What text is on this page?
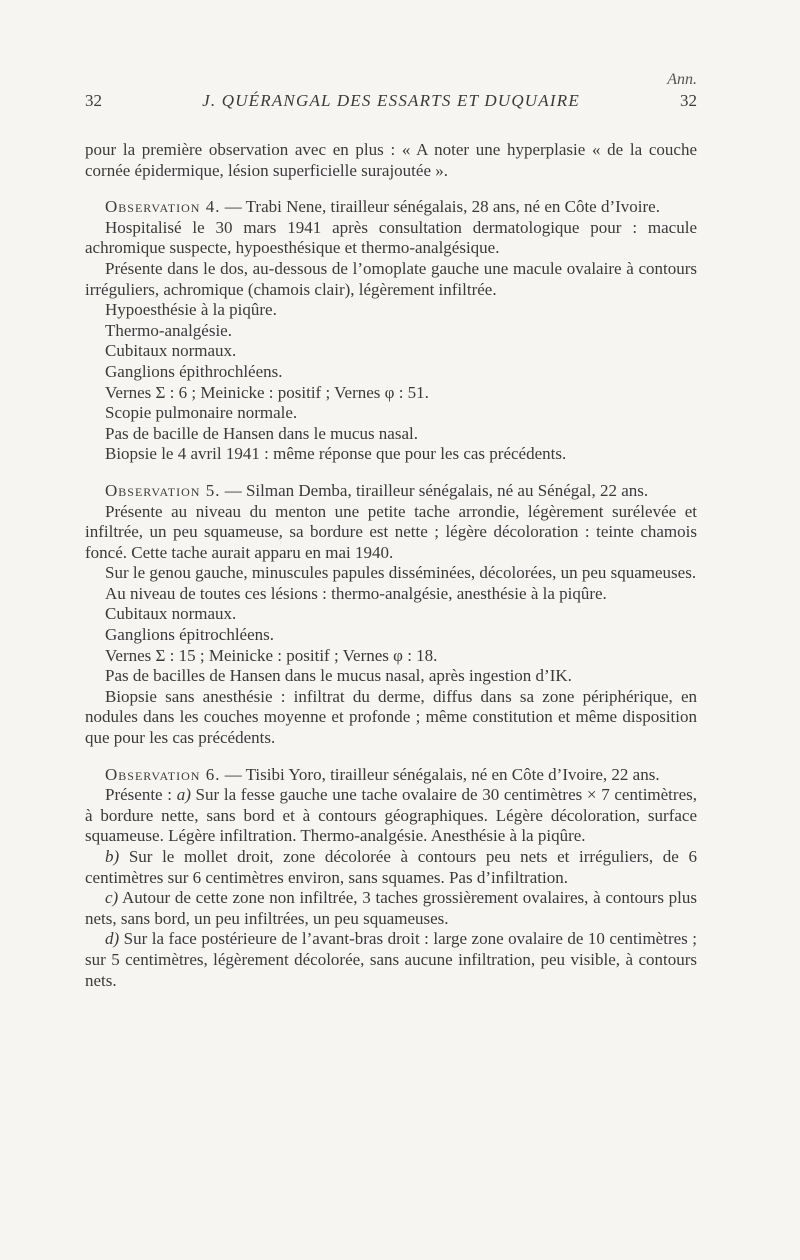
Ann.
32	J. QUÉRANGAL DES ESSARTS ET DUQUAIRE	32

pour la première observation avec en plus : « A noter une hyperplasie « de la couche cornée épidermique, lésion superficielle surajoutée ».

Observation 4. — Trabi Nene, tirailleur sénégalais, 28 ans, né en Côte d’Ivoire.

Hospitalisé le 30 mars 1941 après consultation dermatologique pour : macule achromique suspecte, hypoesthésique et thermo-analgésique.

Présente dans le dos, au-dessous de l’omoplate gauche une macule ovalaire à contours irréguliers, achromique (chamois clair), légèrement infiltrée.

Hypoesthésie à la piqûre.

Thermo-analgésie.

Cubitaux normaux.

Ganglions épithrochléens.

Vernes Σ : 6 ; Meinicke : positif ; Vernes φ : 51.

Scopie pulmonaire normale.

Pas de bacille de Hansen dans le mucus nasal.

Biopsie le 4 avril 1941 : même réponse que pour les cas précédents.

Observation 5. — Silman Demba, tirailleur sénégalais, né au Sénégal, 22 ans.

Présente au niveau du menton une petite tache arrondie, légèrement surélevée et infiltrée, un peu squameuse, sa bordure est nette ; légère décoloration : teinte chamois foncé. Cette tache aurait apparu en mai 1940.

Sur le genou gauche, minuscules papules disséminées, décolorées, un peu squameuses.

Au niveau de toutes ces lésions : thermo-analgésie, anesthésie à la piqûre.

Cubitaux normaux.

Ganglions épitrochléens.

Vernes Σ : 15 ; Meinicke : positif ; Vernes φ : 18.

Pas de bacilles de Hansen dans le mucus nasal, après ingestion d’IK.

Biopsie sans anesthésie : infiltrat du derme, diffus dans sa zone périphérique, en nodules dans les couches moyenne et profonde ; même constitution et même disposition que pour les cas précédents.

Observation 6. — Tisibi Yoro, tirailleur sénégalais, né en Côte d’Ivoire, 22 ans.

Présente : a) Sur la fesse gauche une tache ovalaire de 30 centimètres × 7 centimètres, à bordure nette, sans bord et à contours géographiques. Légère décoloration, surface squameuse. Légère infiltration. Thermo-analgésie. Anesthésie à la piqûre.

b) Sur le mollet droit, zone décolorée à contours peu nets et irréguliers, de 6 centimètres sur 6 centimètres environ, sans squames. Pas d’infiltration.

c) Autour de cette zone non infiltrée, 3 taches grossièrement ovalaires, à contours plus nets, sans bord, un peu infiltrées, un peu squameuses.

d) Sur la face postérieure de l’avant-bras droit : large zone ovalaire de 10 centimètres ; sur 5 centimètres, légèrement décolorée, sans aucune infiltration, peu visible, à contours nets.
